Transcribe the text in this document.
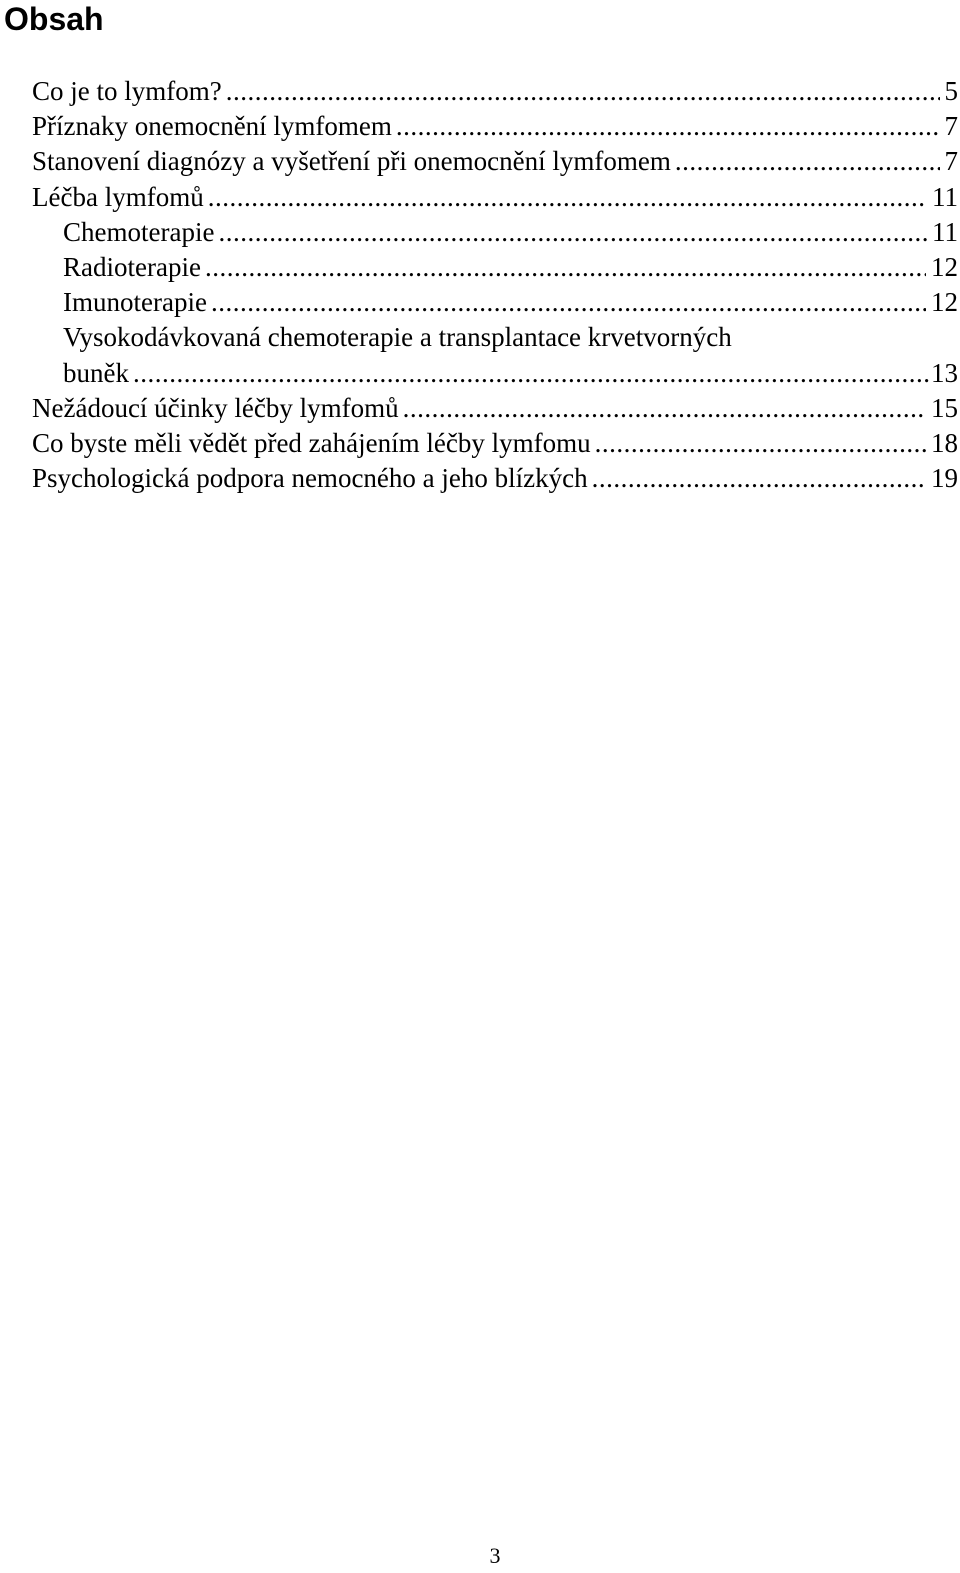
Obsah
Co je to lymfom? .....	5
Příznaky onemocnění lymfomem .....	7
Stanovení diagnózy a vyšetření při onemocnění lymfomem .....	7
Léčba lymfomů .....	11
Chemoterapie .....	11
Radioterapie .....	12
Imunoterapie .....	12
Vysokodávkovaná chemoterapie a transplantace krvetvorných
buněk .....	13
Nežádoucí účinky léčby lymfomů .....	15
Co byste měli vědět před zahájením léčby lymfomu .....	18
Psychologická podpora nemocného a jeho blízkých .....	19
3
